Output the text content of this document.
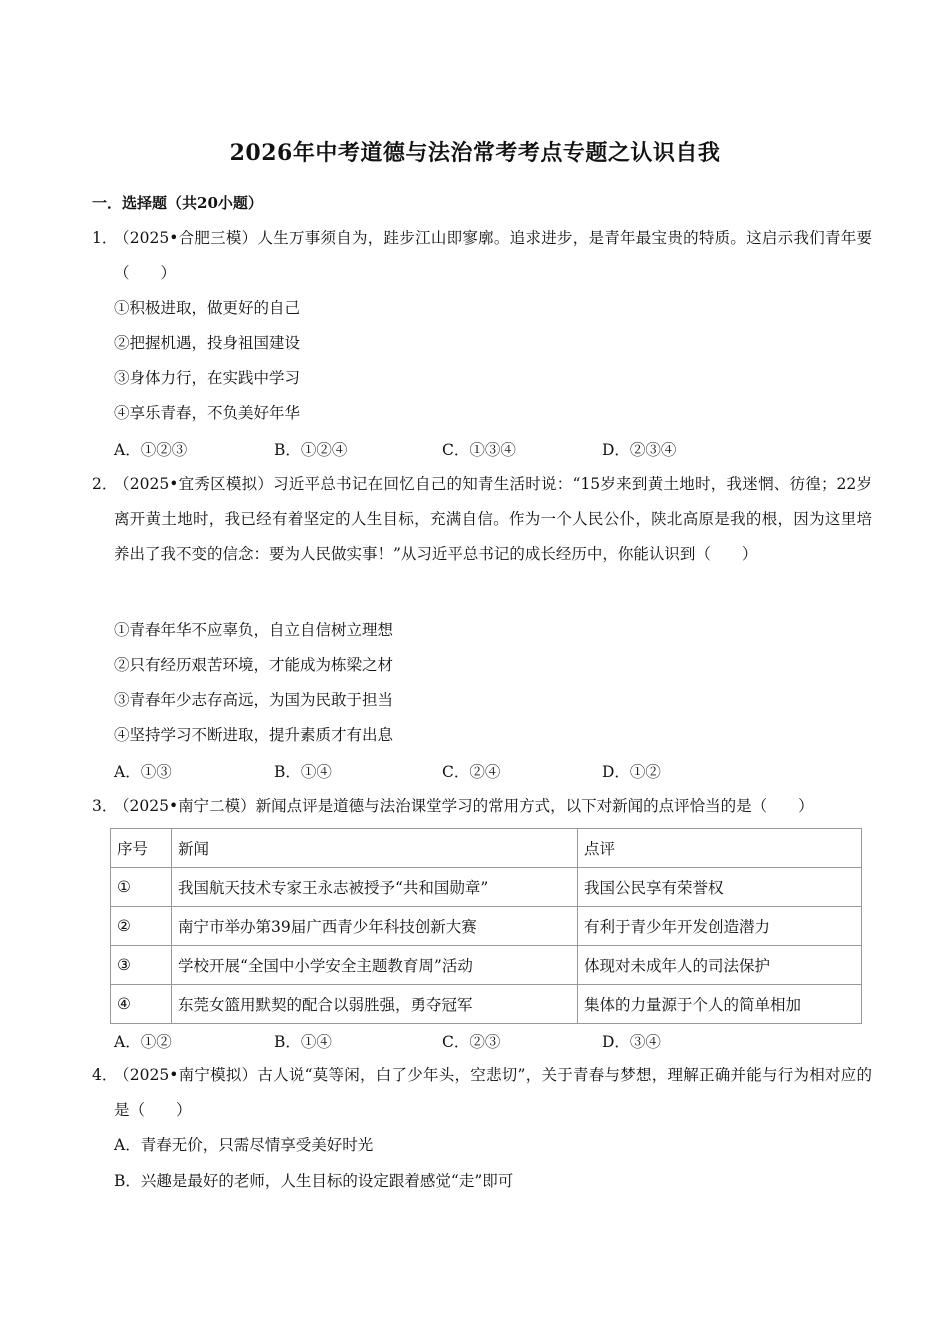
2026年中考道德与法治常考考点专题之认识自我
一．选择题（共20小题）
1．
（2025•合肥三模）人生万事须自为，跬步江山即寥廓。追求进步，是青年最宝贵的特质。这启示我们青年要（　　）
①积极进取，做更好的自己
②把握机遇，投身祖国建设
③身体力行，在实践中学习
④享乐青春，不负美好年华
A．①②③	B．①②④	C．①③④	D．②③④
2．
（2025•宜秀区模拟）习近平总书记在回忆自己的知青生活时说：“15岁来到黄土地时，我迷惘、彷徨；22岁离开黄土地时，我已经有着坚定的人生目标，充满自信。作为一个人民公仆，陕北高原是我的根，因为这里培养出了我不变的信念：要为人民做实事！”从习近平总书记的成长经历中，你能认识到（　　）
①青春年华不应辜负，自立自信树立理想
②只有经历艰苦环境，才能成为栋梁之材
③青春年少志存高远，为国为民敢于担当
④坚持学习不断进取，提升素质才有出息
A．①③	B．①④	C．②④	D．①②
3．
（2025•南宁二模）新闻点评是道德与法治课堂学习的常用方式，以下对新闻的点评恰当的是（　　）
序号	新闻	点评
①	我国航天技术专家王永志被授予“共和国勋章”	我国公民享有荣誉权
②	南宁市举办第39届广西青少年科技创新大赛	有利于青少年开发创造潜力
③	学校开展“全国中小学安全主题教育周”活动	体现对未成年人的司法保护
④	东莞女篮用默契的配合以弱胜强，勇夺冠军	集体的力量源于个人的简单相加
A．①②	B．①④	C．②③	D．③④
4．
（2025•南宁模拟）古人说“莫等闲，白了少年头，空悲切”，关于青春与梦想，理解正确并能与行为相对应的是（　　）
A．青春无价，只需尽情享受美好时光
B．兴趣是最好的老师，人生目标的设定跟着感觉“走”即可
